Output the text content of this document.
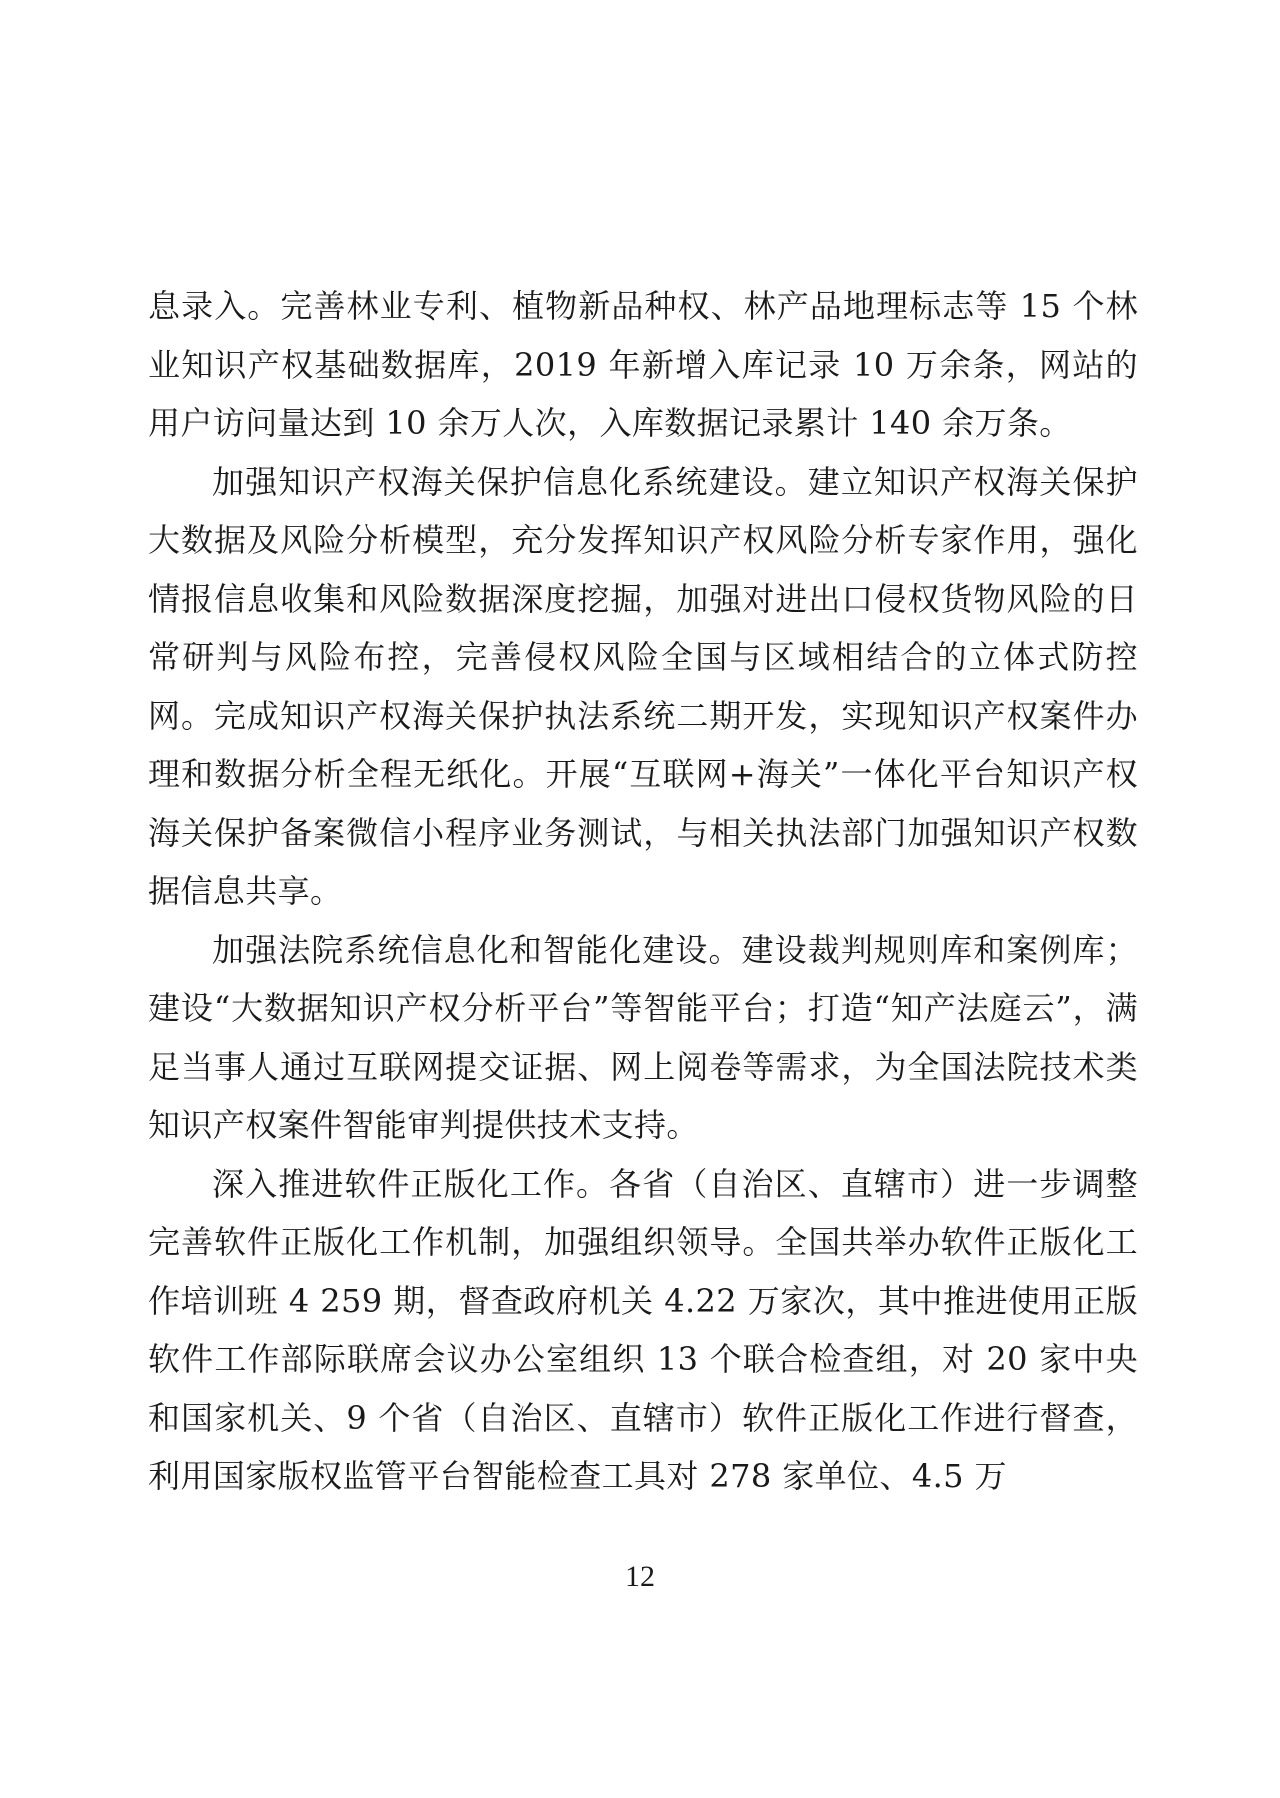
息录入。完善林业专利、植物新品种权、林产品地理标志等 15 个林业知识产权基础数据库，2019 年新增入库记录 10 万余条，网站的用户访问量达到 10 余万人次，入库数据记录累计 140 余万条。

加强知识产权海关保护信息化系统建设。建立知识产权海关保护大数据及风险分析模型，充分发挥知识产权风险分析专家作用，强化情报信息收集和风险数据深度挖掘，加强对进出口侵权货物风险的日常研判与风险布控，完善侵权风险全国与区域相结合的立体式防控网。完成知识产权海关保护执法系统二期开发，实现知识产权案件办理和数据分析全程无纸化。开展“互联网+海关”一体化平台知识产权海关保护备案微信小程序业务测试，与相关执法部门加强知识产权数据信息共享。

加强法院系统信息化和智能化建设。建设裁判规则库和案例库；建设“大数据知识产权分析平台”等智能平台；打造“知产法庭云”，满足当事人通过互联网提交证据、网上阅卷等需求，为全国法院技术类知识产权案件智能审判提供技术支持。

深入推进软件正版化工作。各省（自治区、直辖市）进一步调整完善软件正版化工作机制，加强组织领导。全国共举办软件正版化工作培训班 4 259 期，督查政府机关 4.22 万家次，其中推进使用正版软件工作部际联席会议办公室组织 13 个联合检查组，对 20 家中央和国家机关、9 个省（自治区、直辖市）软件正版化工作进行督查，利用国家版权监管平台智能检查工具对 278 家单位、4.5 万

12
